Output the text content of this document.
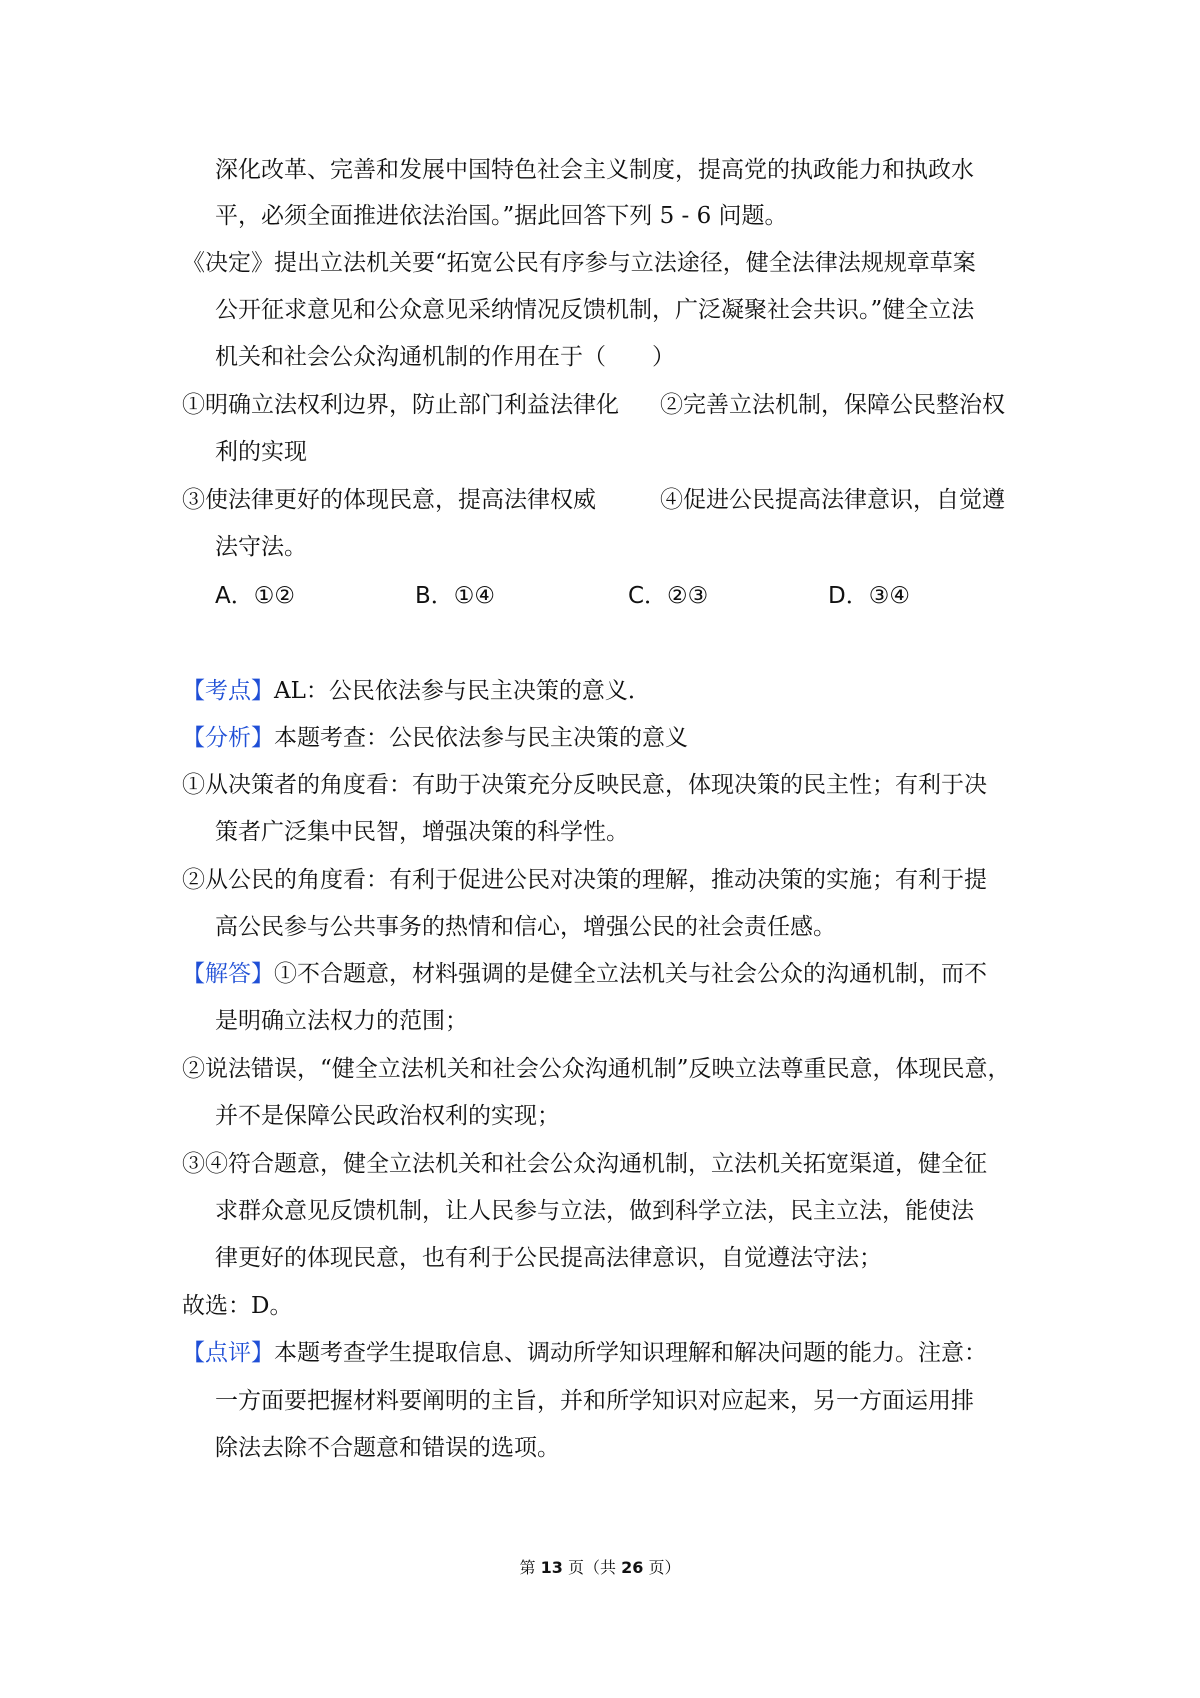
深化改革、完善和发展中国特色社会主义制度，提高党的执政能力和执政水
平，必须全面推进依法治国。”据此回答下列 5 - 6 问题。
《决定》提出立法机关要“拓宽公民有序参与立法途径，健全法律法规规章草案
公开征求意见和公众意见采纳情况反馈机制，广泛凝聚社会共识。”健全立法
机关和社会公众沟通机制的作用在于（　　）
①明确立法权利边界，防止部门利益法律化 ②完善立法机制，保障公民整治权
利的实现
③使法律更好的体现民意，提高法律权威	④促进公民提高法律意识，自觉遵
法守法。
A．①②	B．①④	C．②③	D．③④
【考点】AL：公民依法参与民主决策的意义．
【分析】本题考查：公民依法参与民主决策的意义
①从决策者的角度看：有助于决策充分反映民意，体现决策的民主性；有利于决
策者广泛集中民智，增强决策的科学性。
②从公民的角度看：有利于促进公民对决策的理解，推动决策的实施；有利于提
高公民参与公共事务的热情和信心，增强公民的社会责任感。
【解答】①不合题意，材料强调的是健全立法机关与社会公众的沟通机制，而不
是明确立法权力的范围；
②说法错误，“健全立法机关和社会公众沟通机制”反映立法尊重民意，体现民意，
并不是保障公民政治权利的实现；
③④符合题意，健全立法机关和社会公众沟通机制，立法机关拓宽渠道，健全征
求群众意见反馈机制，让人民参与立法，做到科学立法，民主立法，能使法
律更好的体现民意，也有利于公民提高法律意识，自觉遵法守法；
故选：D。
【点评】本题考查学生提取信息、调动所学知识理解和解决问题的能力。注意：
一方面要把握材料要阐明的主旨，并和所学知识对应起来，另一方面运用排
除法去除不合题意和错误的选项。
第 13 页（共 26 页）
